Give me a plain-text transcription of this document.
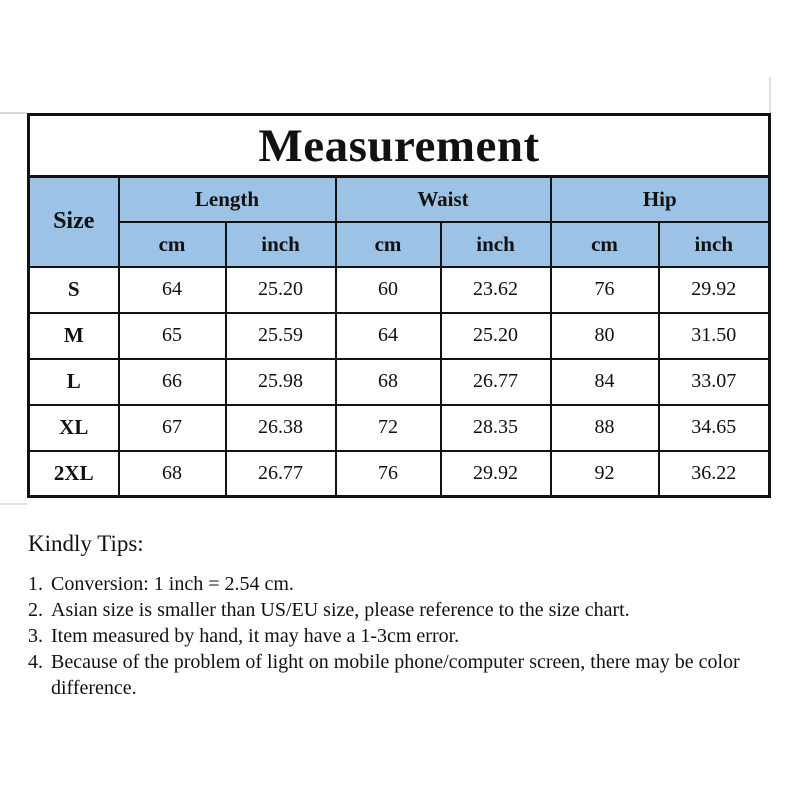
Measurement						
Size	Length		Waist		Hip	
	cm	inch	cm	inch	cm	inch
S	64	25.20	60	23.62	76	29.92
M	65	25.59	64	25.20	80	31.50
L	66	25.98	68	26.77	84	33.07
XL	67	26.38	72	28.35	88	34.65
2XL	68	26.77	76	29.92	92	36.22
Kindly Tips:
1. Conversion: 1 inch = 2.54 cm.
2. Asian size is smaller than US/EU size, please reference to the size chart.
3. Item measured by hand, it may have a 1-3cm error.
4. Because of the problem of light on mobile phone/computer screen, there may be color difference.
